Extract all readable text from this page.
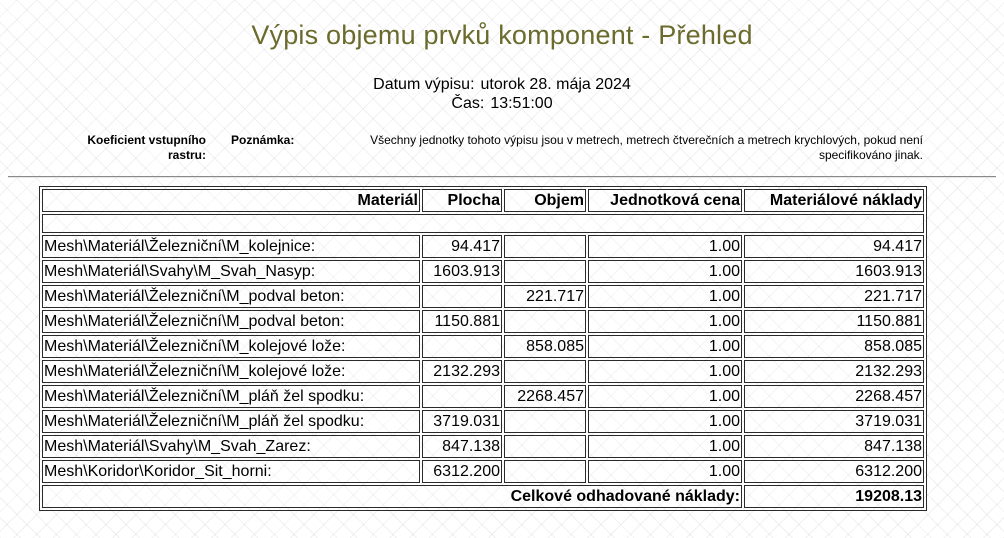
Výpis objemu prvků komponent - Přehled
Datum výpisu: utorok 28. mája 2024
Čas: 13:51:00
Koeficient vstupního rastru:
Poznámka:	Všechny jednotky tohoto výpisu jsou v metrech, metrech čtverečních a metrech krychlových, pokud není specifikováno jinak.
Materiál	Plocha	Objem	Jednotková cena	Materiálové náklady

Mesh\Materiál\Železniční\M_kolejnice:	94.417		1.00	94.417
Mesh\Materiál\Svahy\M_Svah_Nasyp:	1603.913		1.00	1603.913
Mesh\Materiál\Železniční\M_podval beton:		221.717	1.00	221.717
Mesh\Materiál\Železniční\M_podval beton:	1150.881		1.00	1150.881
Mesh\Materiál\Železniční\M_kolejové lože:		858.085	1.00	858.085
Mesh\Materiál\Železniční\M_kolejové lože:	2132.293		1.00	2132.293
Mesh\Materiál\Železniční\M_pláň žel spodku:		2268.457	1.00	2268.457
Mesh\Materiál\Železniční\M_pláň žel spodku:	3719.031		1.00	3719.031
Mesh\Materiál\Svahy\M_Svah_Zarez:	847.138		1.00	847.138
Mesh\Koridor\Koridor_Sit_horni:	6312.200		1.00	6312.200
Celkové odhadované náklady:				19208.13
